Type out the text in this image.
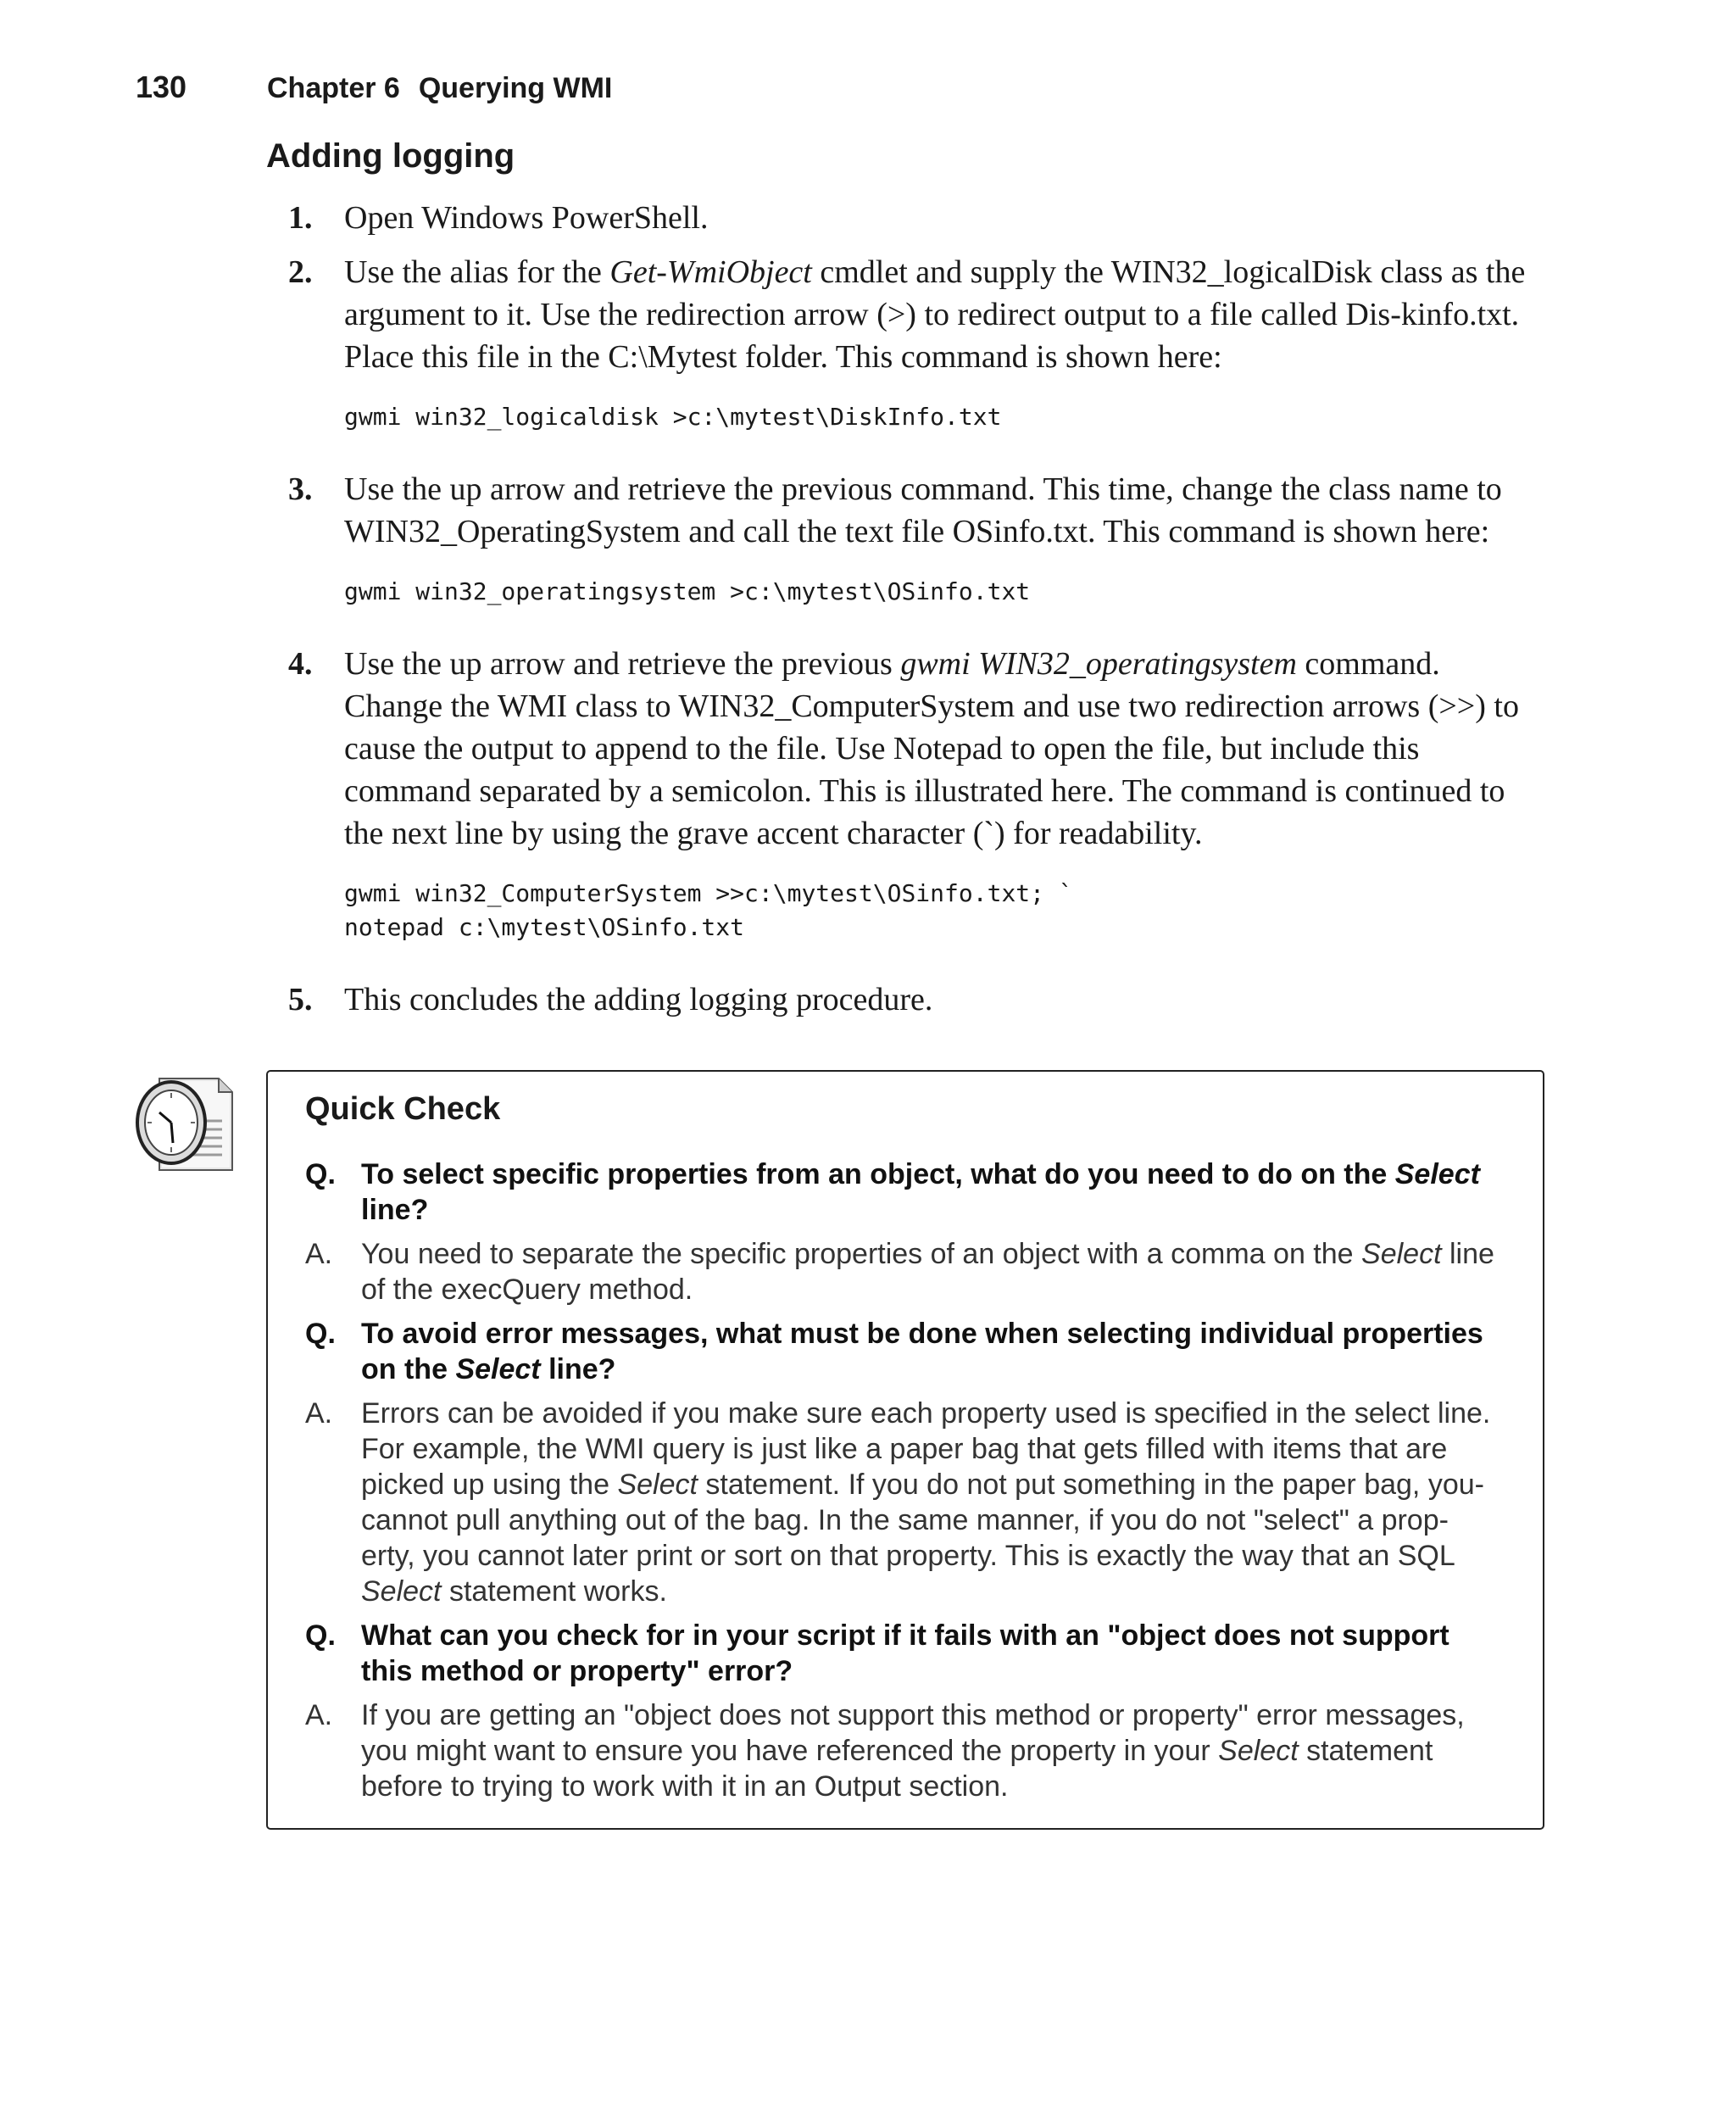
130	Chapter 6 Querying WMI
Adding logging
1. Open Windows PowerShell.

2. Use the alias for the Get-WmiObject cmdlet and supply the WIN32_logicalDisk class as the argument to it. Use the redirection arrow (>) to redirect output to a file called Dis-kinfo.txt. Place this file in the C:\Mytest folder. This command is shown here:

gwmi win32_logicaldisk >c:\mytest\DiskInfo.txt
3. Use the up arrow and retrieve the previous command. This time, change the class name to WIN32_OperatingSystem and call the text file OSinfo.txt. This command is shown here:

gwmi win32_operatingsystem >c:\mytest\OSinfo.txt
4. Use the up arrow and retrieve the previous gwmi WIN32_operatingsystem command. Change the WMI class to WIN32_ComputerSystem and use two redirection arrows (>>) to cause the output to append to the file. Use Notepad to open the file, but include this command separated by a semicolon. This is illustrated here. The command is continued to the next line by using the grave accent character (`) for readability.

gwmi win32_ComputerSystem >>c:\mytest\OSinfo.txt; `
notepad c:\mytest\OSinfo.txt
5. This concludes the adding logging procedure.

Quick Check
Q. To select specific properties from an object, what do you need to do on the Select line?

A. You need to separate the specific properties of an object with a comma on the Select line of the execQuery method.

Q. To avoid error messages, what must be done when selecting individual properties on the Select line?

A. Errors can be avoided if you make sure each property used is specified in the select line. For example, the WMI query is just like a paper bag that gets filled with items that are picked up using the Select statement. If you do not put something in the paper bag, you-cannot pull anything out of the bag. In the same manner, if you do not "select" a prop-erty, you cannot later print or sort on that property. This is exactly the way that an SQL Select statement works.

Q. What can you check for in your script if it fails with an "object does not support this method or property" error?

A. If you are getting an "object does not support this method or property" error messages, you might want to ensure you have referenced the property in your Select statement before to trying to work with it in an Output section.
